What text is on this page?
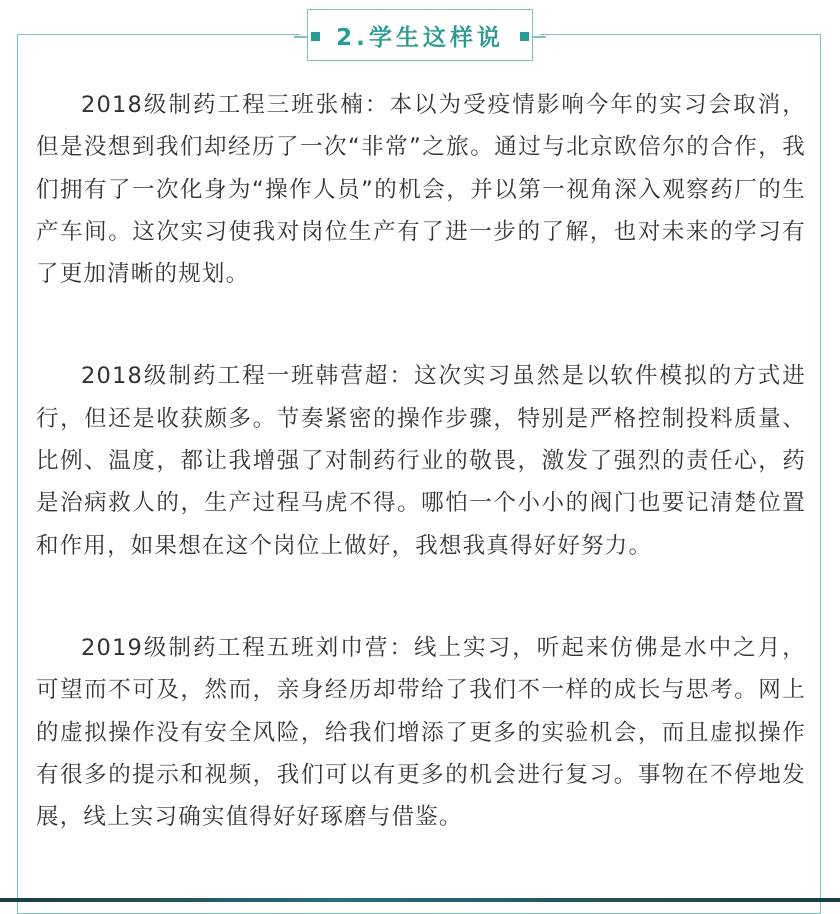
2.学生这样说

2018级制药工程三班张楠：本以为受疫情影响今年的实习会取消，但是没想到我们却经历了一次“非常”之旅。通过与北京欧倍尔的合作，我们拥有了一次化身为“操作人员”的机会，并以第一视角深入观察药厂的生产车间。这次实习使我对岗位生产有了进一步的了解，也对未来的学习有了更加清晰的规划。

2018级制药工程一班韩营超：这次实习虽然是以软件模拟的方式进行，但还是收获颇多。节奏紧密的操作步骤，特别是严格控制投料质量、比例、温度，都让我增强了对制药行业的敬畏，激发了强烈的责任心，药是治病救人的，生产过程马虎不得。哪怕一个小小的阀门也要记清楚位置和作用，如果想在这个岗位上做好，我想我真得好好努力。

2019级制药工程五班刘巾营：线上实习，听起来仿佛是水中之月，可望而不可及，然而，亲身经历却带给了我们不一样的成长与思考。网上的虚拟操作没有安全风险，给我们增添了更多的实验机会，而且虚拟操作有很多的提示和视频，我们可以有更多的机会进行复习。事物在不停地发展，线上实习确实值得好好琢磨与借鉴。
